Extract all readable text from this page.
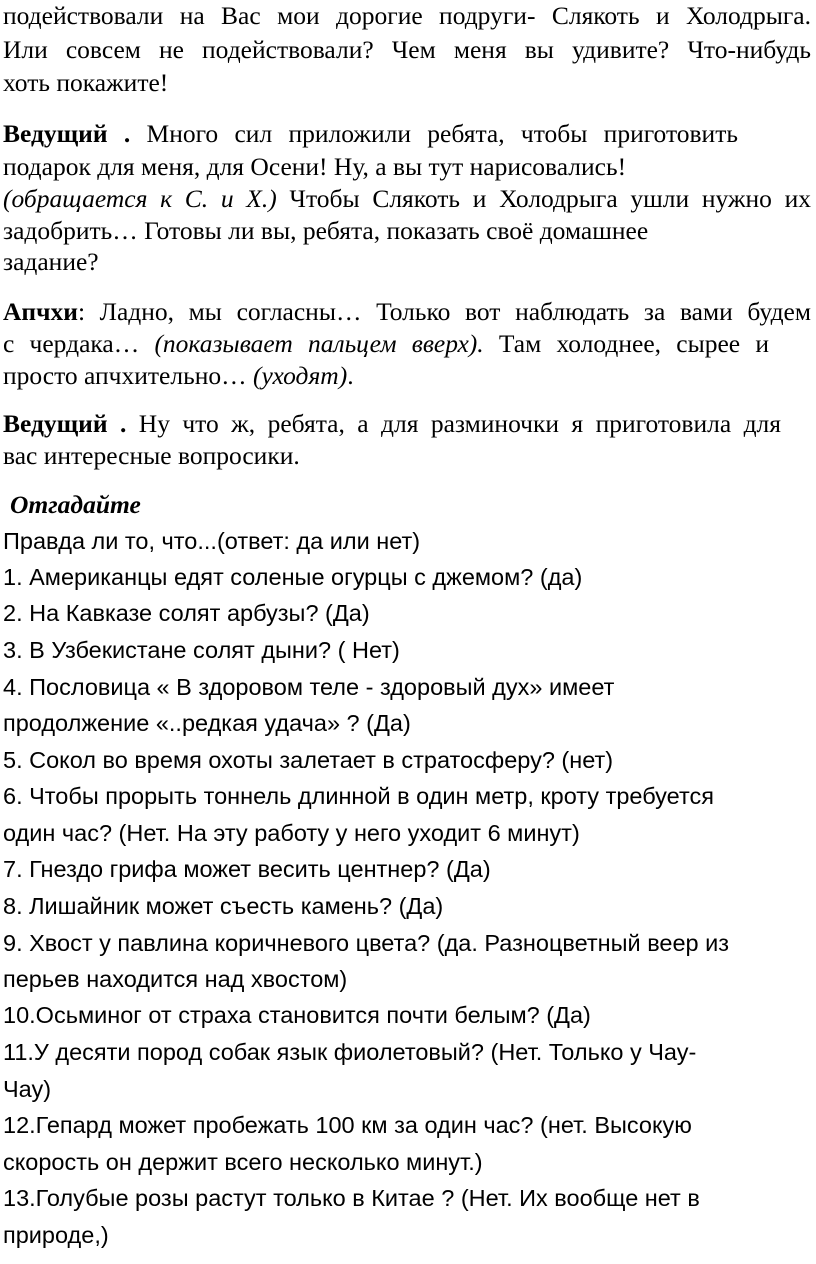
подействовали на Вас мои дорогие подруги- Слякоть и Холодрыга.
Или совсем не подействовали? Чем меня вы удивите? Что-нибудь
хоть покажите!
Ведущий . Много сил приложили ребята, чтобы приготовить
подарок для меня, для Осени! Ну, а вы тут нарисовались!
(обращается к С. и Х.) Чтобы Слякоть и Холодрыга ушли нужно их
задобрить… Готовы ли вы, ребята, показать своё домашнее
задание?
Апчхи: Ладно, мы согласны… Только вот наблюдать за вами будем
с чердака… (показывает пальцем вверх). Там холоднее, сырее и
просто апчхительно… (уходят).
Ведущий . Ну что ж, ребята, а для разминочки я приготовила для
вас интересные вопросики.
Отгадайте
Правда ли то, что...(ответ: да или нет)
1. Американцы едят соленые огурцы с джемом? (да)
2. На Кавказе солят арбузы? (Да)
3. В Узбекистане солят дыни? ( Нет)
4. Пословица « В здоровом теле - здоровый дух» имеет
продолжение «..редкая удача» ? (Да)
5. Сокол во время охоты залетает в стратосферу? (нет)
6. Чтобы прорыть тоннель длинной в один метр, кроту требуется
один час? (Нет. На эту работу у него уходит 6 минут)
7. Гнездо грифа может весить центнер? (Да)
8. Лишайник может съесть камень? (Да)
9. Хвост у павлина коричневого цвета? (да. Разноцветный веер из
перьев находится над хвостом)
10.Осьминог от страха становится почти белым? (Да)
11.У десяти пород собак язык фиолетовый? (Нет. Только у Чау-
Чау)
12.Гепард может пробежать 100 км за один час? (нет. Высокую
скорость он держит всего несколько минут.)
13.Голубые розы растут только в Китае ? (Нет. Их вообще нет в
природе,)
